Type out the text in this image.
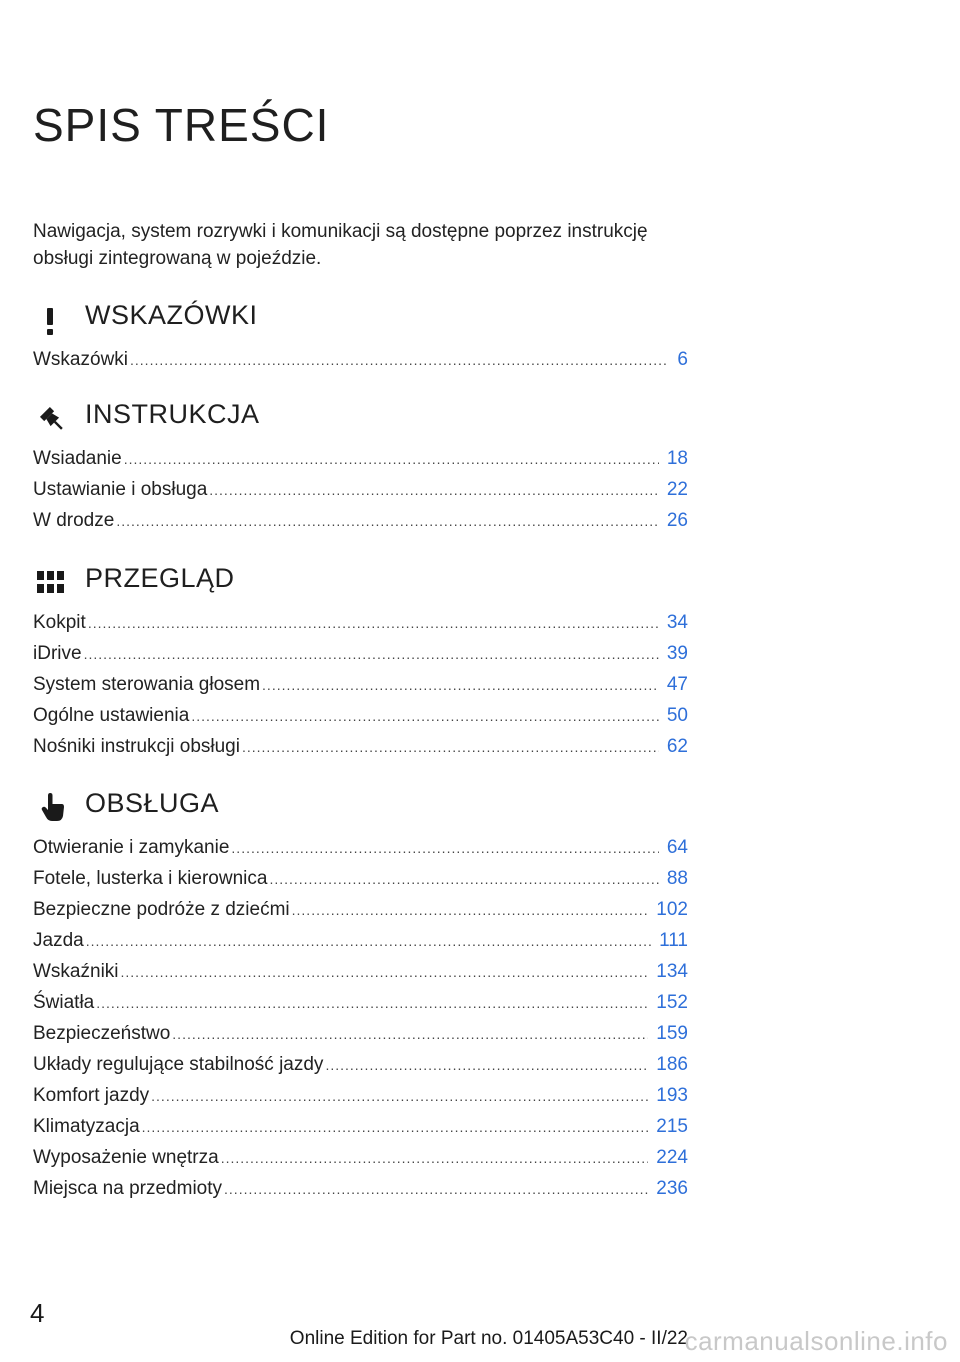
SPIS TREŚCI
Nawigacja, system rozrywki i komunikacji są dostępne poprzez instrukcję obsługi zintegrowaną w pojeździe.
WSKAZÓWKI
Wskazówki .....	6
INSTRUKCJA
Wsiadanie .....	18
Ustawianie i obsługa .....	22
W drodze .....	26
PRZEGLĄD
Kokpit .....	34
iDrive .....	39
System sterowania głosem .....	47
Ogólne ustawienia .....	50
Nośniki instrukcji obsługi .....	62
OBSŁUGA
Otwieranie i zamykanie .....	64
Fotele, lusterka i kierownica .....	88
Bezpieczne podróże z dziećmi .....	102
Jazda .....	111
Wskaźniki .....	134
Światła .....	152
Bezpieczeństwo .....	159
Układy regulujące stabilność jazdy .....	186
Komfort jazdy .....	193
Klimatyzacja .....	215
Wyposażenie wnętrza .....	224
Miejsca na przedmioty .....	236
4
Online Edition for Part no. 01405A53C40 - II/22
carmanualsonline.info
